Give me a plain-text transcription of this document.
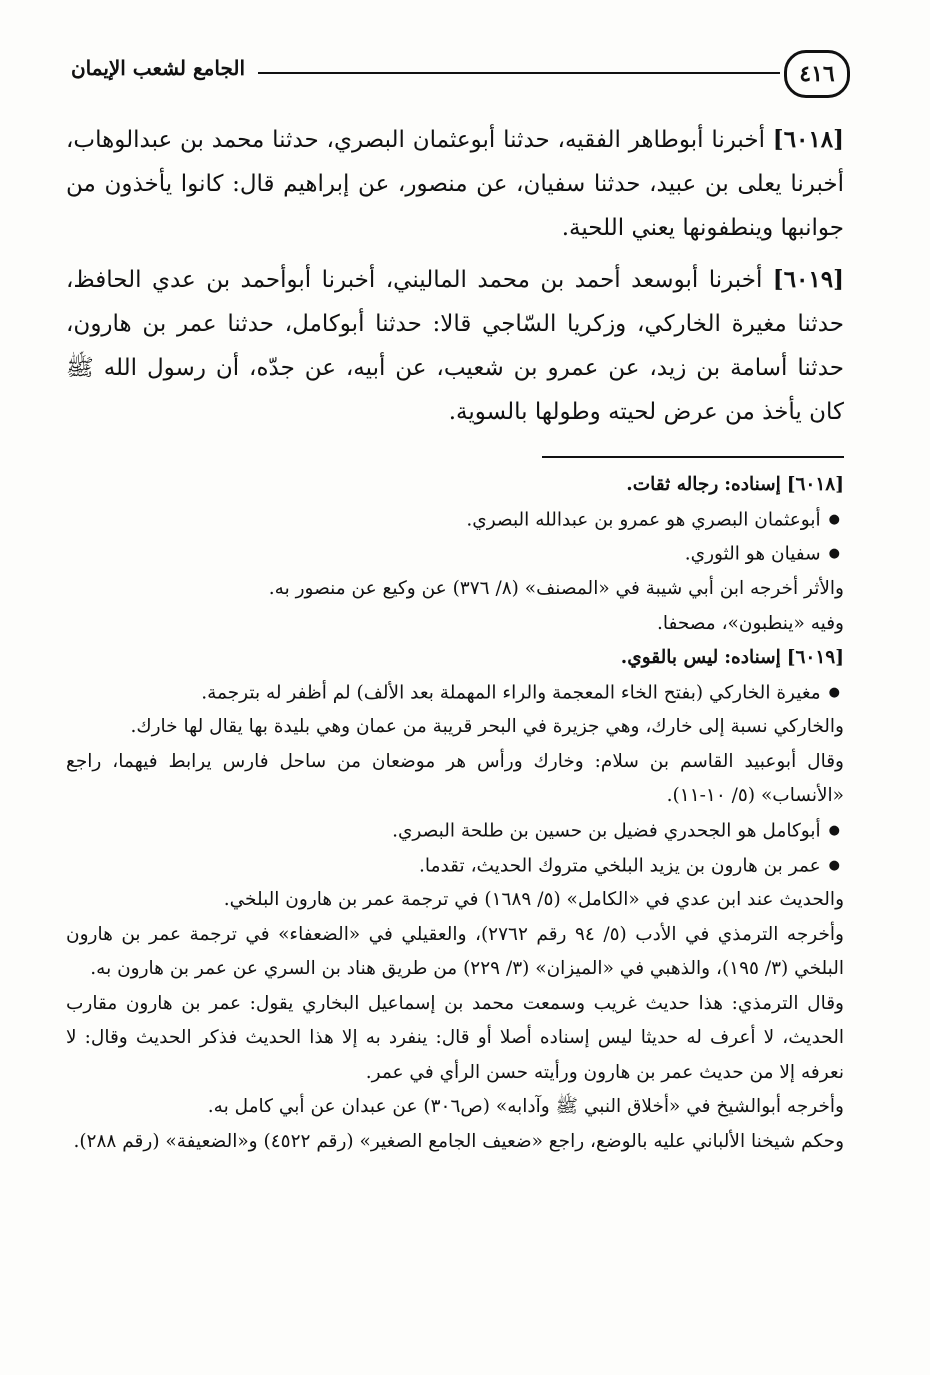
٤١٦
الجامع لشعب الإيمان

[٦٠١٨] أخبرنا أبوطاهر الفقيه، حدثنا أبوعثمان البصري، حدثنا محمد بن عبدالوهاب، أخبرنا يعلى بن عبيد، حدثنا سفيان، عن منصور، عن إبراهيم قال: كانوا يأخذون من جوانبها وينطفونها يعني اللحية.

[٦٠١٩] أخبرنا أبوسعد أحمد بن محمد الماليني، أخبرنا أبوأحمد بن عدي الحافظ، حدثنا مغيرة الخاركي، وزكريا السّاجي قالا: حدثنا أبوكامل، حدثنا عمر بن هارون، حدثنا أسامة بن زيد، عن عمرو بن شعيب، عن أبيه، عن جدّه، أن رسول الله ﷺ كان يأخذ من عرض لحيته وطولها بالسوية.

[٦٠١٨] إسناده: رجاله ثقات.

●أبوعثمان البصري هو عمرو بن عبدالله البصري.

●سفيان هو الثوري.

والأثر أخرجه ابن أبي شيبة في «المصنف» (٨/ ٣٧٦) عن وكيع عن منصور به.

وفيه «ينطبون»، مصحفا.

[٦٠١٩] إسناده: ليس بالقوي.

●مغيرة الخاركي (بفتح الخاء المعجمة والراء المهملة بعد الألف) لم أظفر له بترجمة.

والخاركي نسبة إلى خارك، وهي جزيرة في البحر قريبة من عمان وهي بليدة بها يقال لها خارك.

وقال أبوعبيد القاسم بن سلام: وخارك ورأس هر موضعان من ساحل فارس يرابط فيهما، راجع «الأنساب» (٥/ ١٠-١١).

●أبوكامل هو الجحدري فضيل بن حسين بن طلحة البصري.

●عمر بن هارون بن يزيد البلخي متروك الحديث، تقدما.

والحديث عند ابن عدي في «الكامل» (٥/ ١٦٨٩) في ترجمة عمر بن هارون البلخي.

وأخرجه الترمذي في الأدب (٥/ ٩٤ رقم ٢٧٦٢)، والعقيلي في «الضعفاء» في ترجمة عمر بن هارون البلخي (٣/ ١٩٥)، والذهبي في «الميزان» (٣/ ٢٢٩) من طريق هناد بن السري عن عمر بن هارون به.

وقال الترمذي: هذا حديث غريب وسمعت محمد بن إسماعيل البخاري يقول: عمر بن هارون مقارب الحديث، لا أعرف له حديثا ليس إسناده أصلا أو قال: ينفرد به إلا هذا الحديث فذكر الحديث وقال: لا نعرفه إلا من حديث عمر بن هارون ورأيته حسن الرأي في عمر.

وأخرجه أبوالشيخ في «أخلاق النبي ﷺ وآدابه» (ص٣٠٦) عن عبدان عن أبي كامل به.

وحكم شيخنا الألباني عليه بالوضع، راجع «ضعيف الجامع الصغير» (رقم ٤٥٢٢) و«الضعيفة» (رقم ٢٨٨).
